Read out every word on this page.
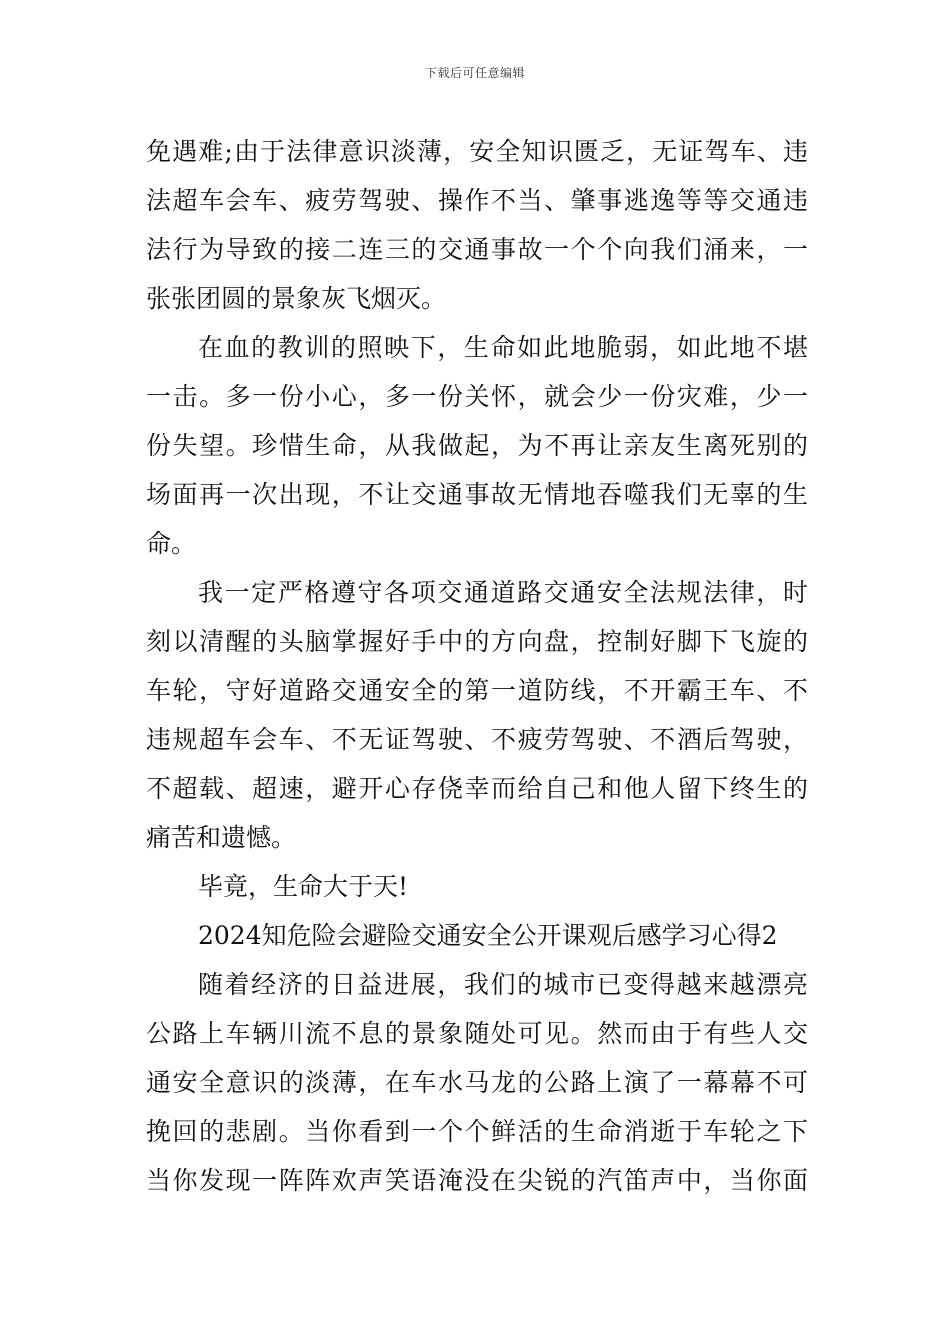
下载后可任意编辑
免遇难;由于法律意识淡薄，安全知识匮乏，无证驾车、违
法超车会车、疲劳驾驶、操作不当、肇事逃逸等等交通违
法行为导致的接二连三的交通事故一个个向我们涌来，一
张张团圆的景象灰飞烟灭。
在血的教训的照映下，生命如此地脆弱，如此地不堪
一击。多一份小心，多一份关怀，就会少一份灾难，少一
份失望。珍惜生命，从我做起，为不再让亲友生离死别的
场面再一次出现，不让交通事故无情地吞噬我们无辜的生
命。
我一定严格遵守各项交通道路交通安全法规法律，时
刻以清醒的头脑掌握好手中的方向盘，控制好脚下飞旋的
车轮，守好道路交通安全的第一道防线，不开霸王车、不
违规超车会车、不无证驾驶、不疲劳驾驶、不酒后驾驶，
不超载、超速，避开心存侥幸而给自己和他人留下终生的
痛苦和遗憾。
毕竟，生命大于天!
2024知危险会避险交通安全公开课观后感学习心得2
随着经济的日益进展，我们的城市已变得越来越漂亮
公路上车辆川流不息的景象随处可见。然而由于有些人交
通安全意识的淡薄，在车水马龙的公路上演了一幕幕不可
挽回的悲剧。当你看到一个个鲜活的生命消逝于车轮之下
当你发现一阵阵欢声笑语淹没在尖锐的汽笛声中，当你面
